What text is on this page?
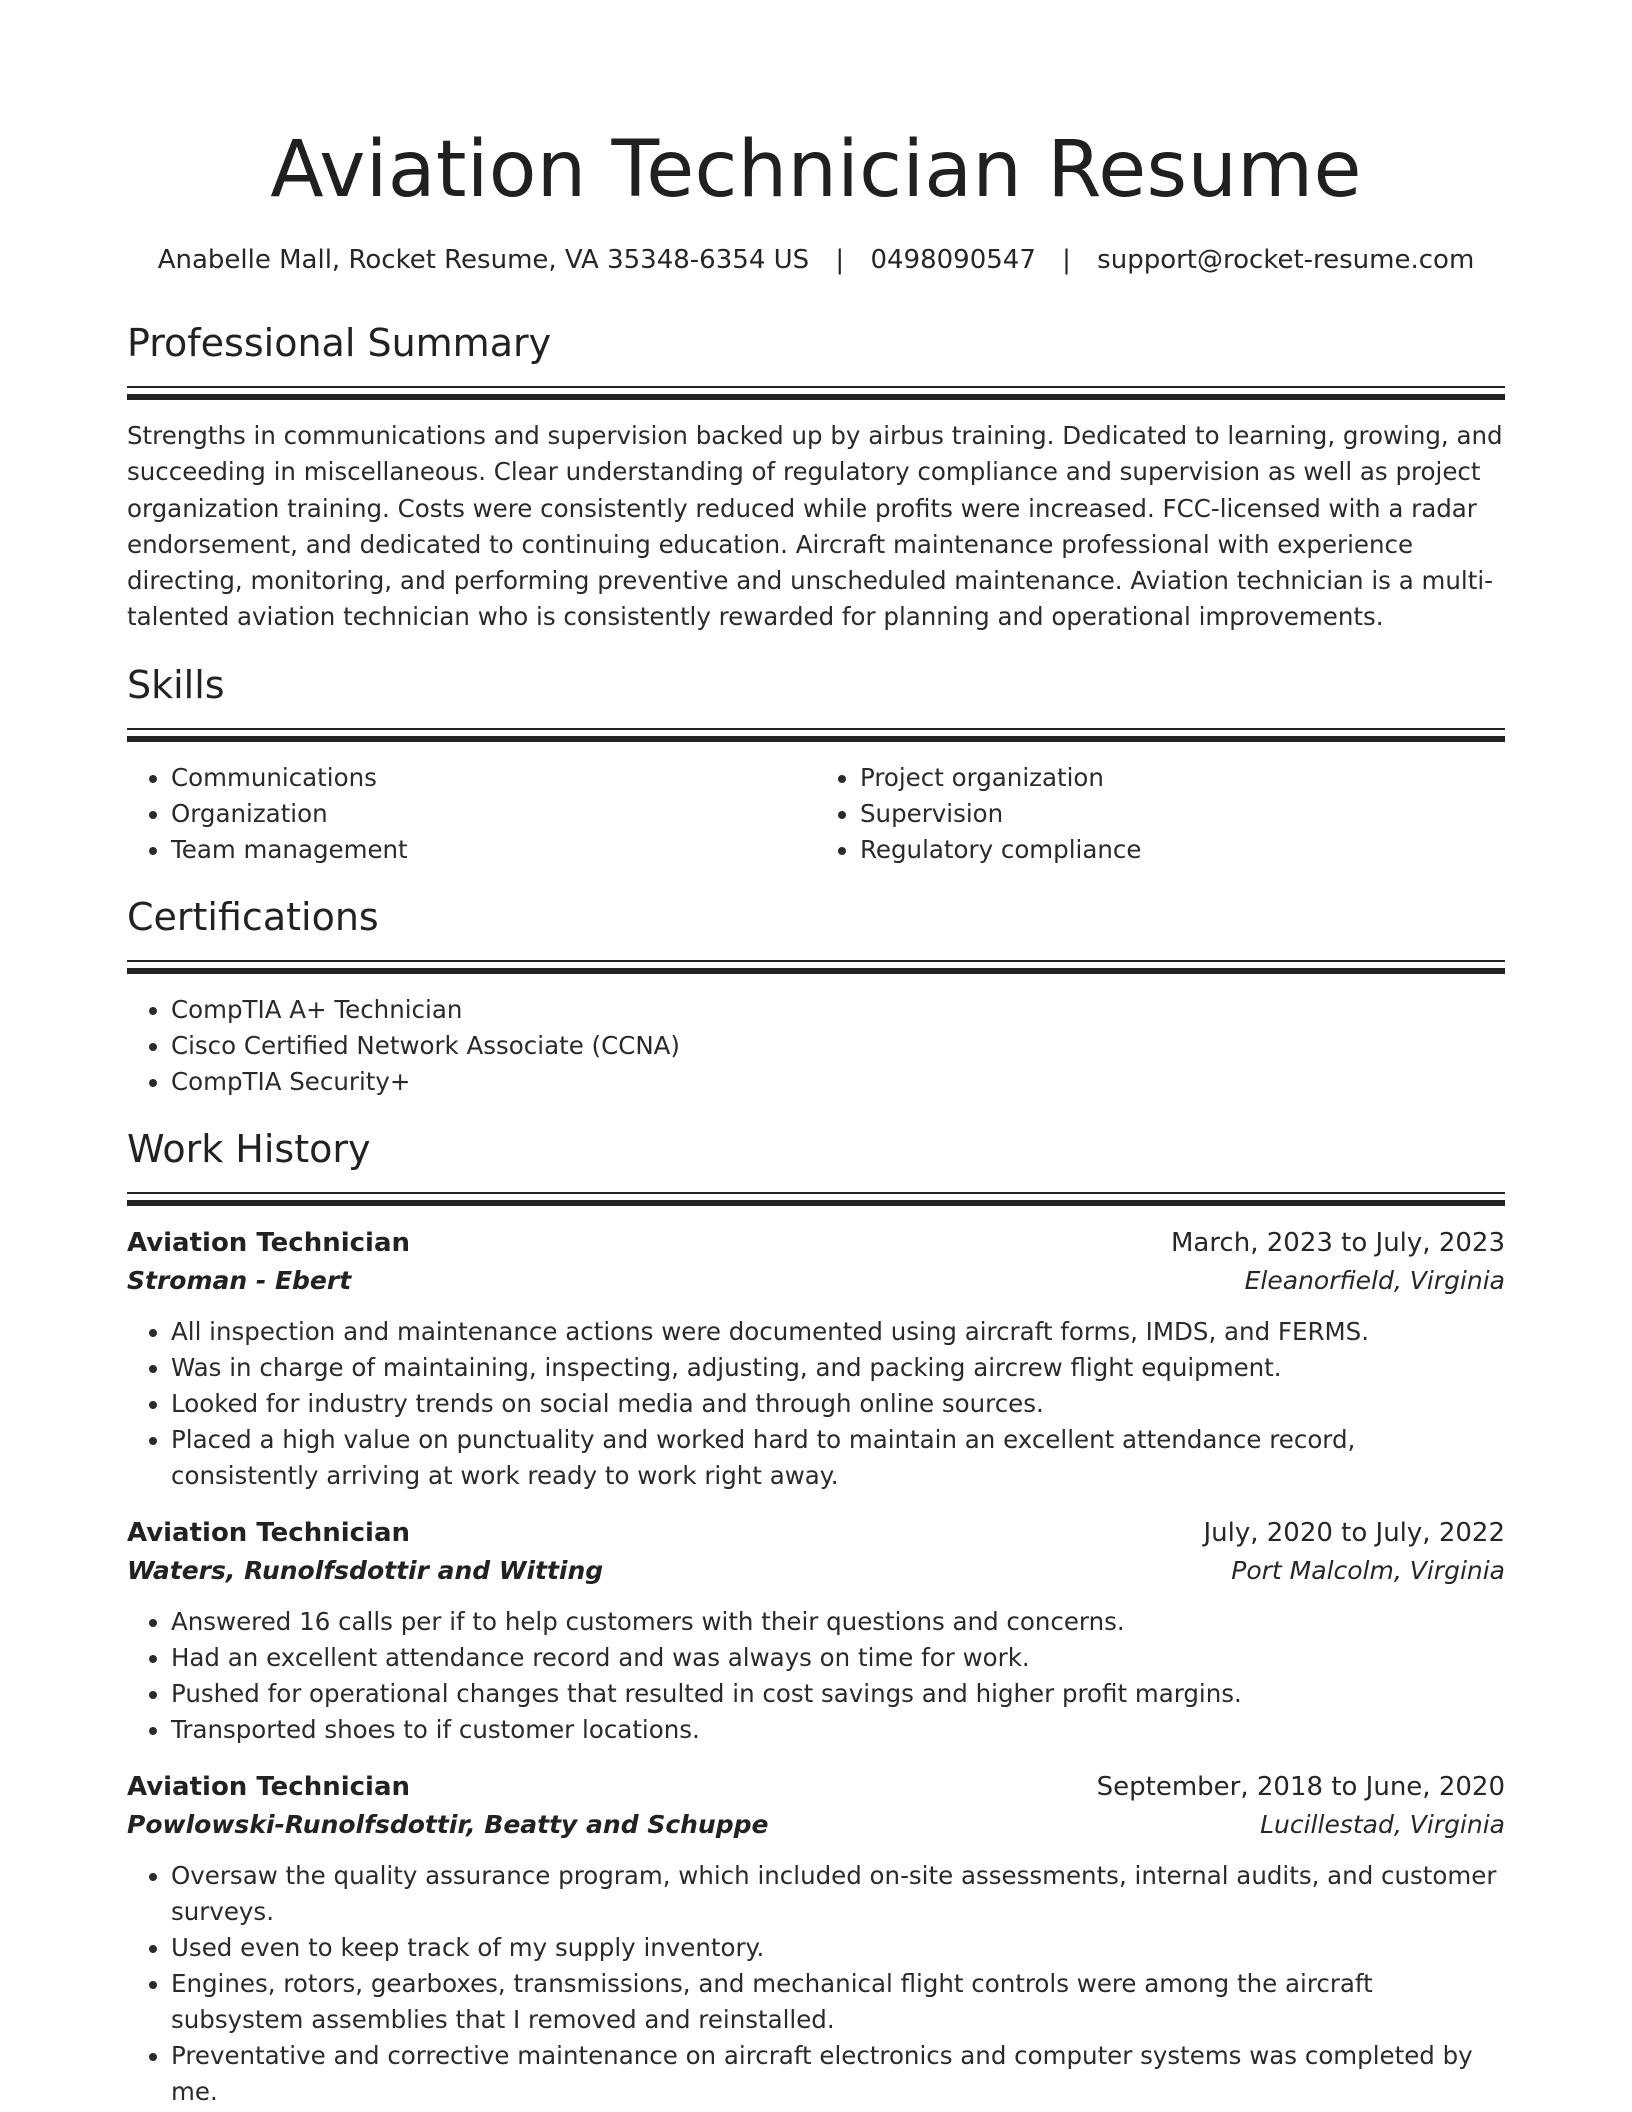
Aviation Technician Resume
Anabelle Mall, Rocket Resume, VA 35348-6354 US | 0498090547 | support@rocket-resume.com
Professional Summary

Strengths in communications and supervision backed up by airbus training. Dedicated to learning, growing, and succeeding in miscellaneous. Clear understanding of regulatory compliance and supervision as well as project organization training. Costs were consistently reduced while profits were increased. FCC-licensed with a radar endorsement, and dedicated to continuing education. Aircraft maintenance professional with experience directing, monitoring, and performing preventive and unscheduled maintenance. Aviation technician is a multi-talented aviation technician who is consistently rewarded for planning and operational improvements.

Skills
• Communications
• Organization
• Team management
• Project organization
• Supervision
• Regulatory compliance
Certifications
• CompTIA A+ Technician
• Cisco Certified Network Associate (CCNA)
• CompTIA Security+
Work History
Aviation Technician	March, 2023 to July, 2023
Stroman - Ebert	Eleanorfield, Virginia
• All inspection and maintenance actions were documented using aircraft forms, IMDS, and FERMS.
• Was in charge of maintaining, inspecting, adjusting, and packing aircrew flight equipment.
• Looked for industry trends on social media and through online sources.
• Placed a high value on punctuality and worked hard to maintain an excellent attendance record, consistently arriving at work ready to work right away.
Aviation Technician	July, 2020 to July, 2022
Waters, Runolfsdottir and Witting	Port Malcolm, Virginia
• Answered 16 calls per if to help customers with their questions and concerns.
• Had an excellent attendance record and was always on time for work.
• Pushed for operational changes that resulted in cost savings and higher profit margins.
• Transported shoes to if customer locations.
Aviation Technician	September, 2018 to June, 2020
Powlowski-Runolfsdottir, Beatty and Schuppe	Lucillestad, Virginia
• Oversaw the quality assurance program, which included on-site assessments, internal audits, and customer surveys.
• Used even to keep track of my supply inventory.
• Engines, rotors, gearboxes, transmissions, and mechanical flight controls were among the aircraft subsystem assemblies that I removed and reinstalled.
• Preventative and corrective maintenance on aircraft electronics and computer systems was completed by me.
